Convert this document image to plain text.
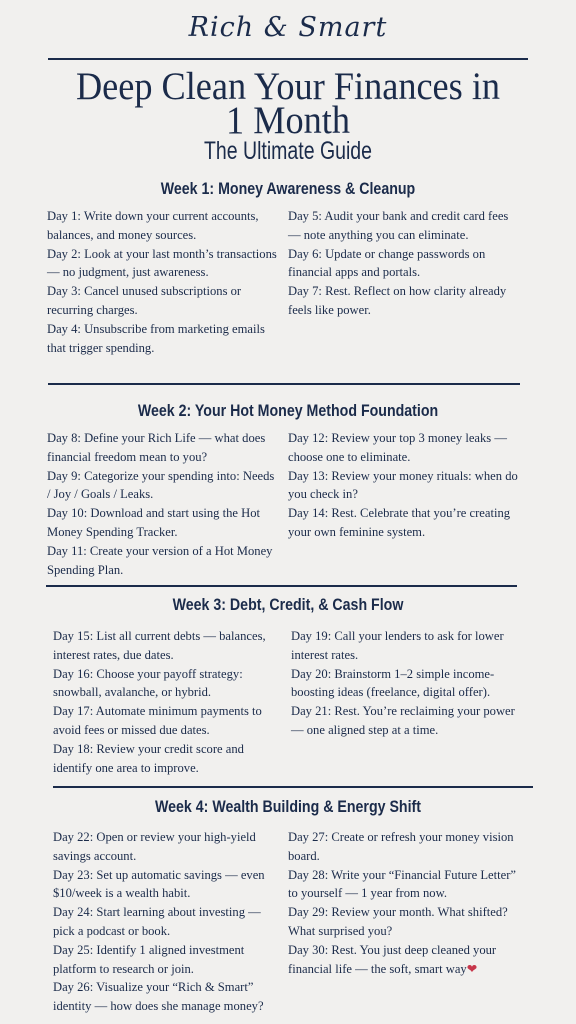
Rich & Smart
Deep Clean Your Finances in
1 Month
The Ultimate Guide
Week 1: Money Awareness & Cleanup

Day 1: Write down your current accounts, balances, and money sources.

Day 2: Look at your last month’s transactions — no judgment, just awareness.

Day 3: Cancel unused subscriptions or recurring charges.

Day 4: Unsubscribe from marketing emails that trigger spending.

Day 5: Audit your bank and credit card fees — note anything you can eliminate.

Day 6: Update or change passwords on financial apps and portals.

Day 7: Rest. Reflect on how clarity already feels like power.

Week 2: Your Hot Money Method Foundation

Day 8: Define your Rich Life — what does financial freedom mean to you?

Day 9: Categorize your spending into: Needs / Joy / Goals / Leaks.

Day 10: Download and start using the Hot Money Spending Tracker.

Day 11: Create your version of a Hot Money Spending Plan.

Day 12: Review your top 3 money leaks — choose one to eliminate.

Day 13: Review your money rituals: when do you check in?

Day 14: Rest. Celebrate that you’re creating your own feminine system.

Week 3: Debt, Credit, & Cash Flow

Day 15: List all current debts — balances, interest rates, due dates.

Day 16: Choose your payoff strategy: snowball, avalanche, or hybrid.

Day 17: Automate minimum payments to avoid fees or missed due dates.

Day 18: Review your credit score and identify one area to improve.

Day 19: Call your lenders to ask for lower interest rates.

Day 20: Brainstorm 1–2 simple income-boosting ideas (freelance, digital offer).

Day 21: Rest. You’re reclaiming your power — one aligned step at a time.

Week 4: Wealth Building & Energy Shift

Day 22: Open or review your high-yield savings account.

Day 23: Set up automatic savings — even $10/week is a wealth habit.

Day 24: Start learning about investing — pick a podcast or book.

Day 25: Identify 1 aligned investment platform to research or join.

Day 26: Visualize your “Rich & Smart” identity — how does she manage money?

Day 27: Create or refresh your money vision board.

Day 28: Write your “Financial Future Letter” to yourself — 1 year from now.

Day 29: Review your month. What shifted? What surprised you?

Day 30: Rest. You just deep cleaned your financial life — the soft, smart way❤
